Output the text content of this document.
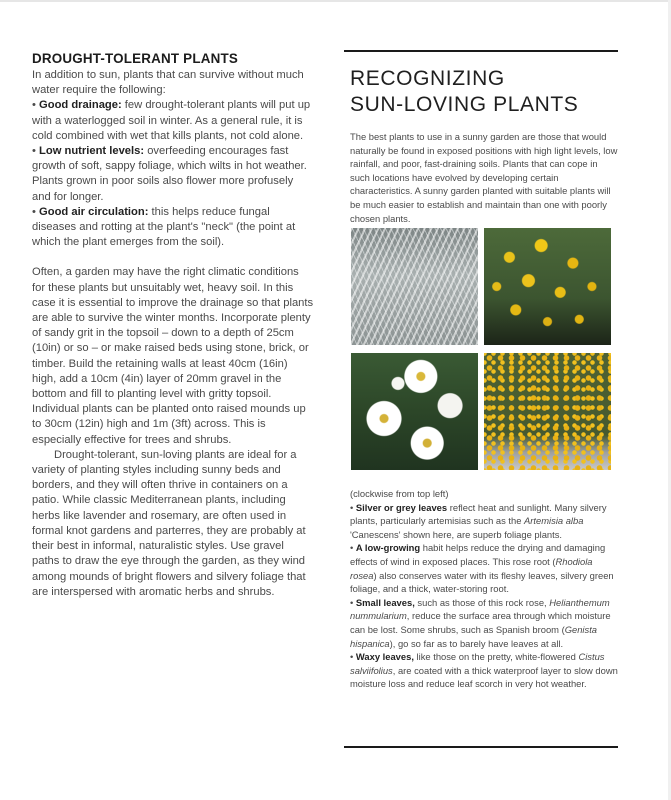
DROUGHT-TOLERANT PLANTS

In addition to sun, plants that can survive without much water require the following:

• Good drainage: few drought-tolerant plants will put up with a waterlogged soil in winter. As a general rule, it is cold combined with wet that kills plants, not cold alone.

• Low nutrient levels: overfeeding encourages fast growth of soft, sappy foliage, which wilts in hot weather. Plants grown in poor soils also flower more profusely and for longer.

• Good air circulation: this helps reduce fungal diseases and rotting at the plant's "neck" (the point at which the plant emerges from the soil).

Often, a garden may have the right climatic conditions for these plants but unsuitably wet, heavy soil. In this case it is essential to improve the drainage so that plants are able to survive the winter months. Incorporate plenty of sandy grit in the topsoil – down to a depth of 25cm (10in) or so – or make raised beds using stone, brick, or timber. Build the retaining walls at least 40cm (16in) high, add a 10cm (4in) layer of 20mm gravel in the bottom and fill to planting level with gritty topsoil. Individual plants can be planted onto raised mounds up to 30cm (12in) high and 1m (3ft) across. This is especially effective for trees and shrubs.

Drought-tolerant, sun-loving plants are ideal for a variety of planting styles including sunny beds and borders, and they will often thrive in containers on a patio. While classic Mediterranean plants, including herbs like lavender and rosemary, are often used in formal knot gardens and parterres, they are probably at their best in informal, naturalistic styles. Use gravel paths to draw the eye through the garden, as they wind among mounds of bright flowers and silvery foliage that are interspersed with aromatic herbs and shrubs.

RECOGNIZING
SUN-LOVING PLANTS

The best plants to use in a sunny garden are those that would naturally be found in exposed positions with high light levels, low rainfall, and poor, fast-draining soils. Plants that can cope in such locations have evolved by developing certain characteristics. A sunny garden planted with suitable plants will be much easier to establish and maintain than one with poorly chosen plants.

(clockwise from top left)

• Silver or grey leaves reflect heat and sunlight. Many silvery plants, particularly artemisias such as the Artemisia alba 'Canescens' shown here, are superb foliage plants.

• A low-growing habit helps reduce the drying and damaging effects of wind in exposed places. This rose root (Rhodiola rosea) also conserves water with its fleshy leaves, silvery green foliage, and a thick, water-storing root.

• Small leaves, such as those of this rock rose, Helianthemum nummularium, reduce the surface area through which moisture can be lost. Some shrubs, such as Spanish broom (Genista hispanica), go so far as to barely have leaves at all.

• Waxy leaves, like those on the pretty, white-flowered Cistus salviifolius, are coated with a thick waterproof layer to slow down moisture loss and reduce leaf scorch in very hot weather.
